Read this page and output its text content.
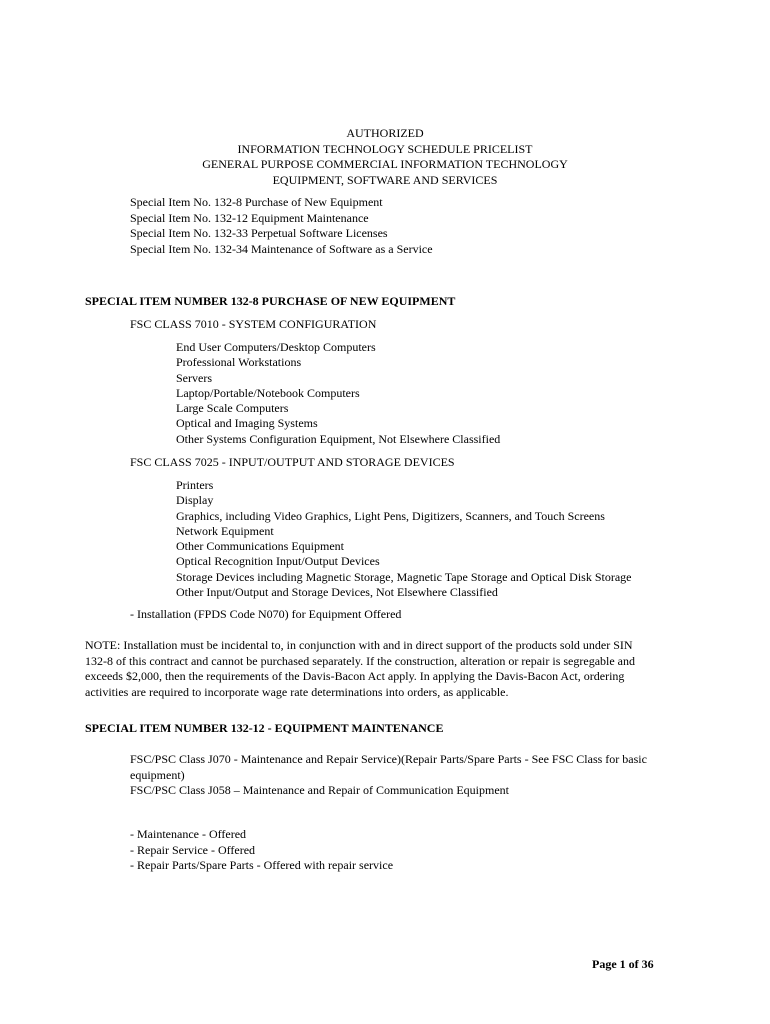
AUTHORIZED
INFORMATION TECHNOLOGY SCHEDULE PRICELIST
GENERAL PURPOSE COMMERCIAL INFORMATION TECHNOLOGY
EQUIPMENT, SOFTWARE AND SERVICES
Special Item No. 132-8 Purchase of New Equipment
Special Item No. 132-12 Equipment Maintenance
Special Item No. 132-33 Perpetual Software Licenses
Special Item No. 132-34 Maintenance of Software as a Service
SPECIAL ITEM NUMBER 132-8 PURCHASE OF NEW EQUIPMENT
FSC CLASS 7010 - SYSTEM CONFIGURATION
End User Computers/Desktop Computers
Professional Workstations
Servers
Laptop/Portable/Notebook Computers
Large Scale Computers
Optical and Imaging Systems
Other Systems Configuration Equipment, Not Elsewhere Classified
FSC CLASS 7025 - INPUT/OUTPUT AND STORAGE DEVICES
Printers
Display
Graphics, including Video Graphics, Light Pens, Digitizers, Scanners, and Touch Screens
Network Equipment
Other Communications Equipment
Optical Recognition Input/Output Devices
Storage Devices including Magnetic Storage, Magnetic Tape Storage and Optical Disk Storage
Other Input/Output and Storage Devices, Not Elsewhere Classified
- Installation (FPDS Code N070) for Equipment Offered
NOTE: Installation must be incidental to, in conjunction with and in direct support of the products sold under SIN
132-8 of this contract and cannot be purchased separately. If the construction, alteration or repair is segregable and
exceeds $2,000, then the requirements of the Davis-Bacon Act apply. In applying the Davis-Bacon Act, ordering
activities are required to incorporate wage rate determinations into orders, as applicable.
SPECIAL ITEM NUMBER 132-12 - EQUIPMENT MAINTENANCE
FSC/PSC Class J070 - Maintenance and Repair Service)(Repair Parts/Spare Parts - See FSC Class for basic
equipment)
FSC/PSC Class J058 – Maintenance and Repair of Communication Equipment
- Maintenance - Offered
- Repair Service - Offered
- Repair Parts/Spare Parts - Offered with repair service
Page 1 of 36
